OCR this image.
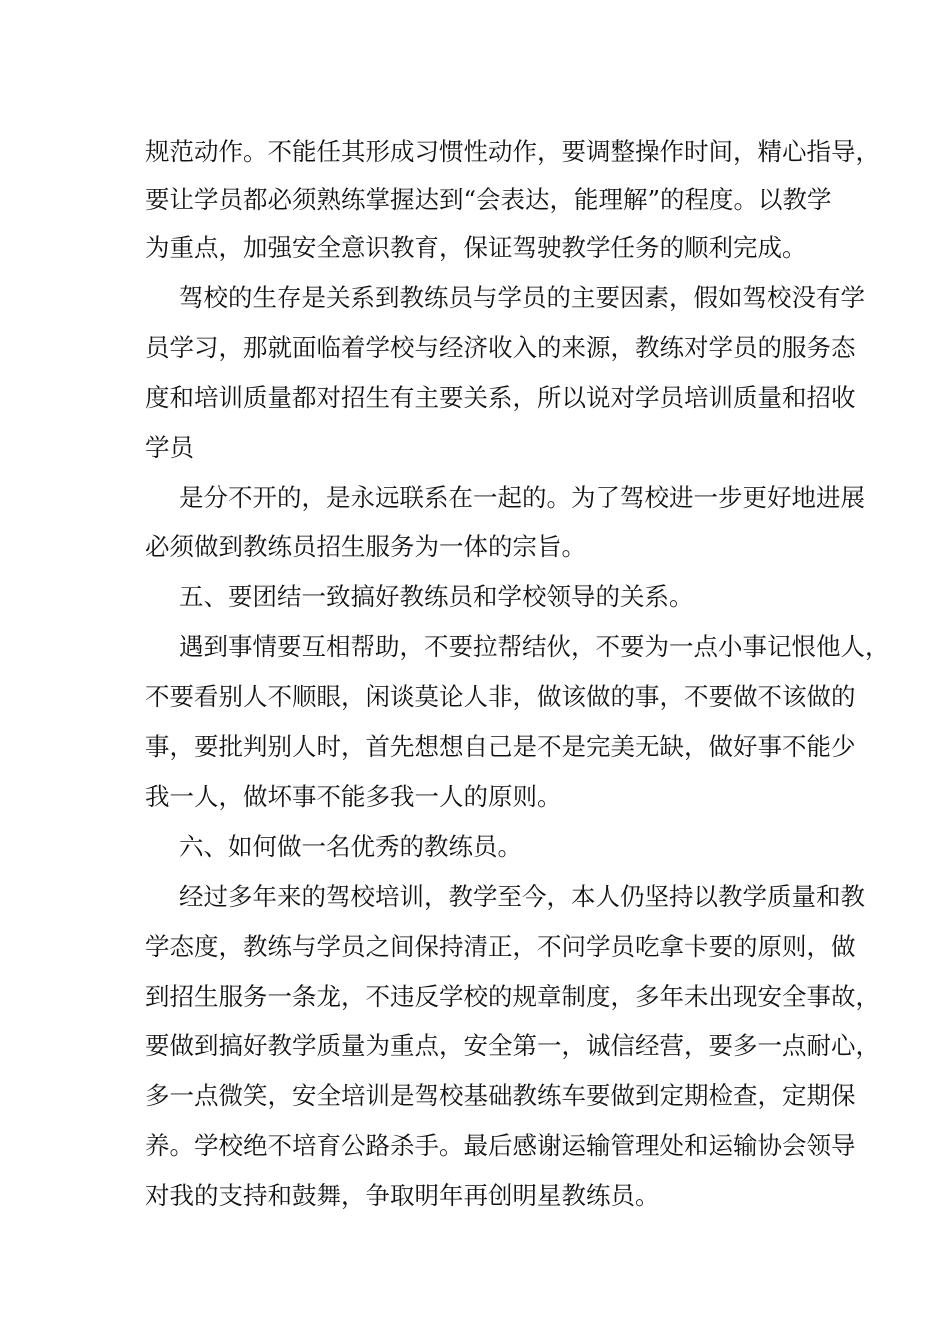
规范动作。不能任其形成习惯性动作，要调整操作时间，精心指导，
要让学员都必须熟练掌握达到“会表达，能理解”的程度。以教学
为重点，加强安全意识教育，保证驾驶教学任务的顺利完成。
驾校的生存是关系到教练员与学员的主要因素，假如驾校没有学
员学习，那就面临着学校与经济收入的来源，教练对学员的服务态
度和培训质量都对招生有主要关系，所以说对学员培训质量和招收
学员
是分不开的，是永远联系在一起的。为了驾校进一步更好地进展
必须做到教练员招生服务为一体的宗旨。
五、要团结一致搞好教练员和学校领导的关系。
遇到事情要互相帮助，不要拉帮结伙，不要为一点小事记恨他人，
不要看别人不顺眼，闲谈莫论人非，做该做的事，不要做不该做的
事，要批判别人时，首先想想自己是不是完美无缺，做好事不能少
我一人，做坏事不能多我一人的原则。
六、如何做一名优秀的教练员。
经过多年来的驾校培训，教学至今，本人仍坚持以教学质量和教
学态度，教练与学员之间保持清正，不问学员吃拿卡要的原则，做
到招生服务一条龙，不违反学校的规章制度，多年未出现安全事故，
要做到搞好教学质量为重点，安全第一，诚信经营，要多一点耐心，
多一点微笑，安全培训是驾校基础教练车要做到定期检查，定期保
养。学校绝不培育公路杀手。最后感谢运输管理处和运输协会领导
对我的支持和鼓舞，争取明年再创明星教练员。
